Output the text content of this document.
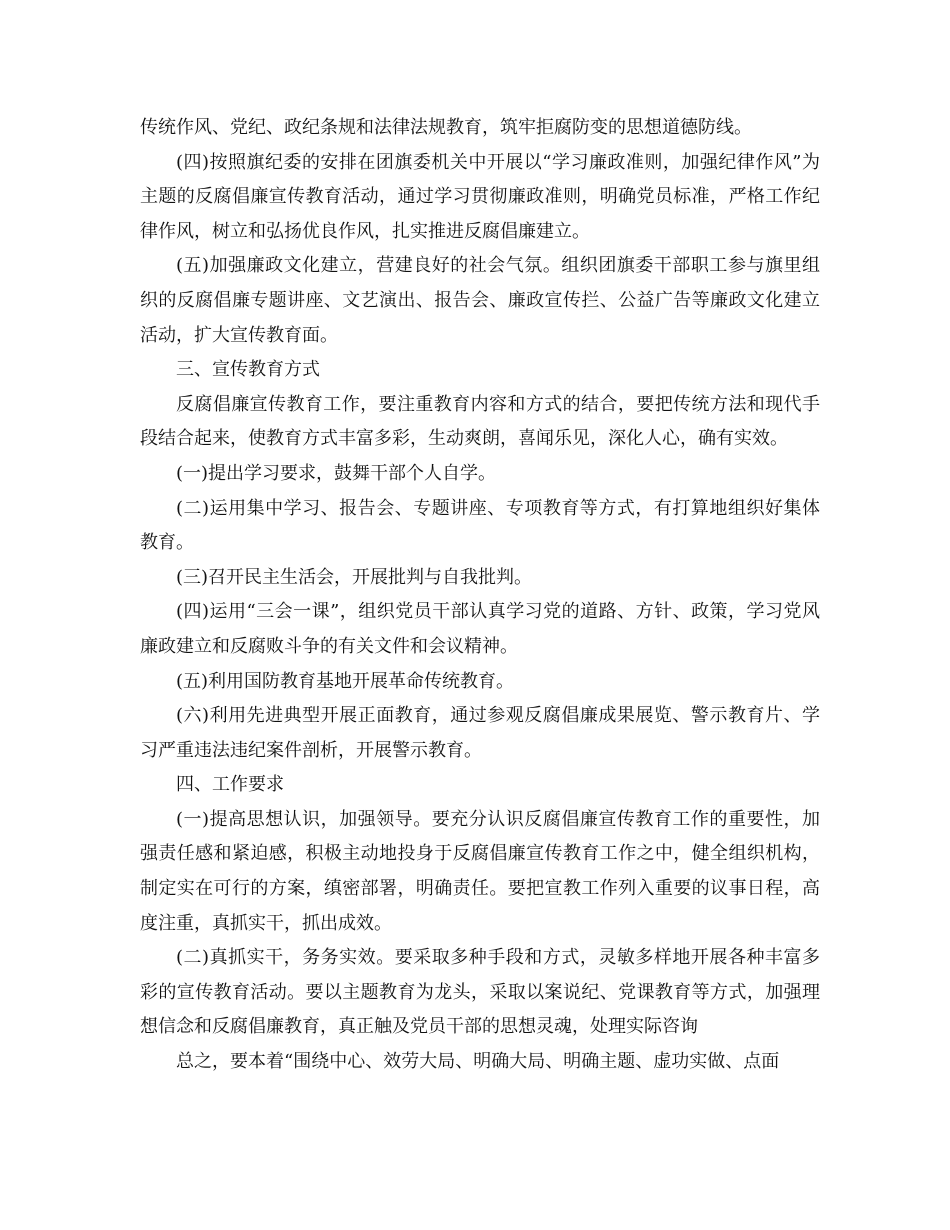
传统作风、党纪、政纪条规和法律法规教育，筑牢拒腐防变的思想道德防线。

(四)按照旗纪委的安排在团旗委机关中开展以“学习廉政准则，加强纪律作风”为主题的反腐倡廉宣传教育活动，通过学习贯彻廉政准则，明确党员标准，严格工作纪律作风，树立和弘扬优良作风，扎实推进反腐倡廉建立。

(五)加强廉政文化建立，营建良好的社会气氛。组织团旗委干部职工参与旗里组织的反腐倡廉专题讲座、文艺演出、报告会、廉政宣传拦、公益广告等廉政文化建立活动，扩大宣传教育面。

三、宣传教育方式

反腐倡廉宣传教育工作，要注重教育内容和方式的结合，要把传统方法和现代手段结合起来，使教育方式丰富多彩，生动爽朗，喜闻乐见，深化人心，确有实效。

(一)提出学习要求，鼓舞干部个人自学。

(二)运用集中学习、报告会、专题讲座、专项教育等方式，有打算地组织好集体教育。

(三)召开民主生活会，开展批判与自我批判。

(四)运用“三会一课”，组织党员干部认真学习党的道路、方针、政策，学习党风廉政建立和反腐败斗争的有关文件和会议精神。

(五)利用国防教育基地开展革命传统教育。

(六)利用先进典型开展正面教育，通过参观反腐倡廉成果展览、警示教育片、学习严重违法违纪案件剖析，开展警示教育。

四、工作要求

(一)提高思想认识，加强领导。要充分认识反腐倡廉宣传教育工作的重要性，加强责任感和紧迫感，积极主动地投身于反腐倡廉宣传教育工作之中，健全组织机构，制定实在可行的方案，缜密部署，明确责任。要把宣教工作列入重要的议事日程，高度注重，真抓实干，抓出成效。

(二)真抓实干，务务实效。要采取多种手段和方式，灵敏多样地开展各种丰富多彩的宣传教育活动。要以主题教育为龙头，采取以案说纪、党课教育等方式，加强理想信念和反腐倡廉教育，真正触及党员干部的思想灵魂，处理实际咨询

总之，要本着“围绕中心、效劳大局、明确大局、明确主题、虚功实做、点面
